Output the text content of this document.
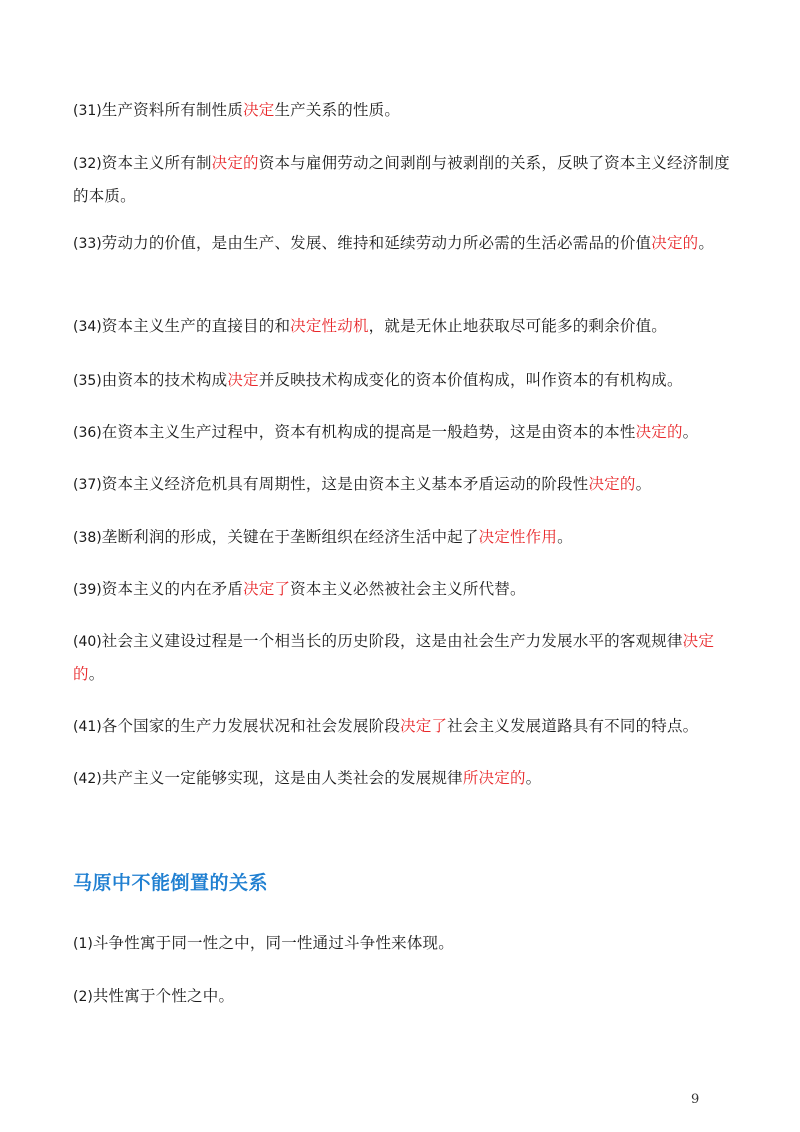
(31)生产资料所有制性质决定生产关系的性质。

(32)资本主义所有制决定的资本与雇佣劳动之间剥削与被剥削的关系，反映了资本主义经济制度的本质。

(33)劳动力的价值，是由生产、发展、维持和延续劳动力所必需的生活必需品的价值决定的。

(34)资本主义生产的直接目的和决定性动机，就是无休止地获取尽可能多的剩余价值。

(35)由资本的技术构成决定并反映技术构成变化的资本价值构成，叫作资本的有机构成。

(36)在资本主义生产过程中，资本有机构成的提高是一般趋势，这是由资本的本性决定的。

(37)资本主义经济危机具有周期性，这是由资本主义基本矛盾运动的阶段性决定的。

(38)垄断利润的形成，关键在于垄断组织在经济生活中起了决定性作用。

(39)资本主义的内在矛盾决定了资本主义必然被社会主义所代替。

(40)社会主义建设过程是一个相当长的历史阶段，这是由社会生产力发展水平的客观规律决定的。

(41)各个国家的生产力发展状况和社会发展阶段决定了社会主义发展道路具有不同的特点。

(42)共产主义一定能够实现，这是由人类社会的发展规律所决定的。

马原中不能倒置的关系

(1)斗争性寓于同一性之中，同一性通过斗争性来体现。

(2)共性寓于个性之中。

9
